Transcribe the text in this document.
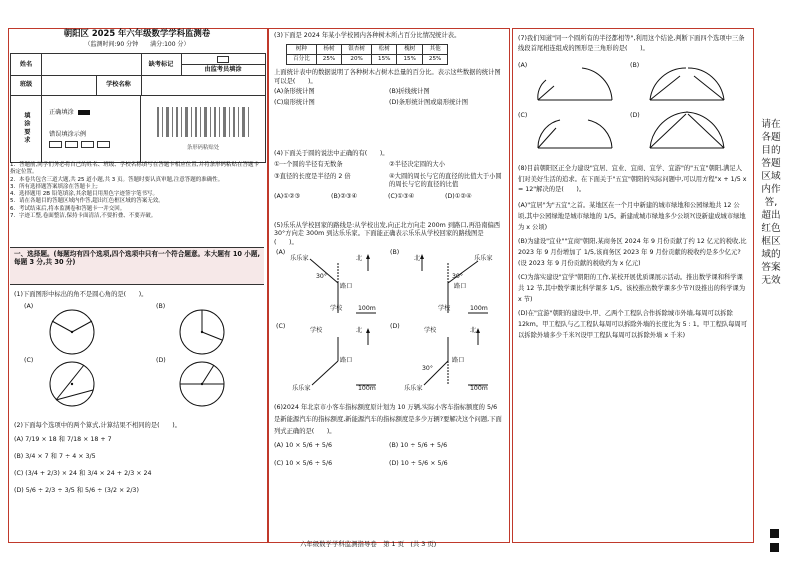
朝阳区 2025 年六年级数学学科监测卷
（监测时间:90 分钟　　满分:100 分）
姓名	缺考标记
由监考员填涂
班级	学校名称
填涂要求	正确填涂
错误填涂示例
条形码粘贴处
1．答题前,同学们务必将自己的姓名、班级、学校名称填写在答题卡相应位置,并将条形码粘贴在答题卡指定位置。
2．本卷共包含三道大题,共 25 道小题,共 3 页。答题时要认真审题,注意答题的准确性。
3．所有选择题答案填涂在答题卡上;
4．选择题用 2B 铅笔填涂,其余题目用黑色字迹签字笔书写。
5．请在各题目的答题区域内作答,超出红色框区域的答案无效。
6．考试结束后,将本监测卷和答题卡一并交回。
7．字迹工整,卷面整洁,保持卡面清洁,不要折叠、不要弄破。
一、选择题。(每题均有四个选项,四个选项中只有一个符合题意。本大题有 10 小题,每题 3 分,共 30 分)
(1)下面图形中标出的角不是圆心角的是(　　)。
(A)	(B)
(C)	(D)
(2)下面每个选项中的两个算式,计算结果不相同的是(　　)。
(A) 7/19 × 18 和 7/18 × 18 + 7
(B) 3/4 × 7 和 7 ÷ 4 × 3/5
(C) (3/4 + 2/3) × 24 和 3/4 × 24 + 2/3 × 24
(D) 5/6 ÷ 2/3 ÷ 3/5 和 5/6 ÷ (3/2 × 2/3)
(3)下面是 2024 年某小学校园内各种树木所占百分比情况统计表。
树种	杨树	银杏树	松树	槐树	其他
百分比	25%	20%	15%	15%	25%
上面统计表中的数据说明了各种树木占树木总量的百分比。表示这些数据的统计图可以是(　　)。
(A)条形统计图	(B)折线统计图
(C)扇形统计图	(D)条形统计图或扇形统计图
(4)下面关于圆的说法中正确的有(　　)。
①一个圆的半径有无数条	②半径决定圆的大小
③直径的长度是半径的 2 倍	④大圆的周长与它的直径的比值大于小圆的周长与它的直径的比值
(A)①②③	(B)②③④	(C)①③④	(D)①②④
(5)乐乐从学校回家的路线是:从学校出发,向正北方向走 200m 到路口,再沿南偏西 30°方向走 300m 到达乐乐家。下面能正确表示乐乐从学校回家的路线图是(　　)。
(A)
乐乐家	北
30°
路口
学校	100m
(B)
乐乐家
北
30°
路口
学校	100m
(C)
学校	北
路口
乐乐家	100m
(D)
学校	北
30°
路口
乐乐家	100m
(6)2024 年北京市小客车指标额度原计划为 10 万辆,实际小客车指标额度的 5/6 是新能源汽车的指标额度,新能源汽车的指标额度是多少万辆?要解决这个问题,下面列式正确的是(　　)。
(A) 10 × 5/6 + 5/6	(B) 10 ÷ 5/6 + 5/6
(C) 10 × 5/6 ÷ 5/6	(D) 10 ÷ 5/6 × 5/6
(7)我们知道"同一个圆所有的半径都相等",利用这个结论,判断下面四个选项中三条线段首尾相连组成的图形是三角形的是(　　)。
(A)	(B)
(C)	(D)
(8)目前朝阳区正全力建设"宜居、宜业、宜商、宜学、宜游"的"五宜"朝阳,满足人们对美好生活的追求。在下面关于"五宜"朝阳的实际问题中,可以用方程"x + 1/5 x = 12"解决的是(　　)。
(A)"宜居"为"五宜"之首。某地区在一个月中新建的城市绿地和公园绿地共 12 公顷,其中公园绿地是城市绿地的 1/5。新建成城市绿地多少公顷?(设新建成城市绿地为 x 公顷)
(B)为建设"宜业""宜商"朝阳,某商务区 2024 年 9 月份贡献了约 12 亿元的税收,比 2023 年 9 月份增加了 1/5,该商务区 2023 年 9 月份贡献的税收约是多少亿元?(设 2023 年 9 月份贡献的税收约为 x 亿元)
(C)为落实建设"宜学"朝阳的工作,某校开展优质课展示活动。推出数学课和科学课共 12 节,其中数学课比科学课多 1/5。该校推出数学课多少节?(设推出的科学课为 x 节)
(D)在"宜游"朝阳的建设中,甲、乙两个工程队合作拆除城市外墙,每周可以拆除 12km。甲工程队与乙工程队每周可以拆除外墙的长度比为 5 : 1。甲工程队每周可以拆除外墙多少千米?(设甲工程队每周可以拆除外墙 x 千米)
请在各题目的答题区域内作答,超出红色框区域的答案无效
六年级数学学科监测指导卷　第 1 页　(共 3 页)
